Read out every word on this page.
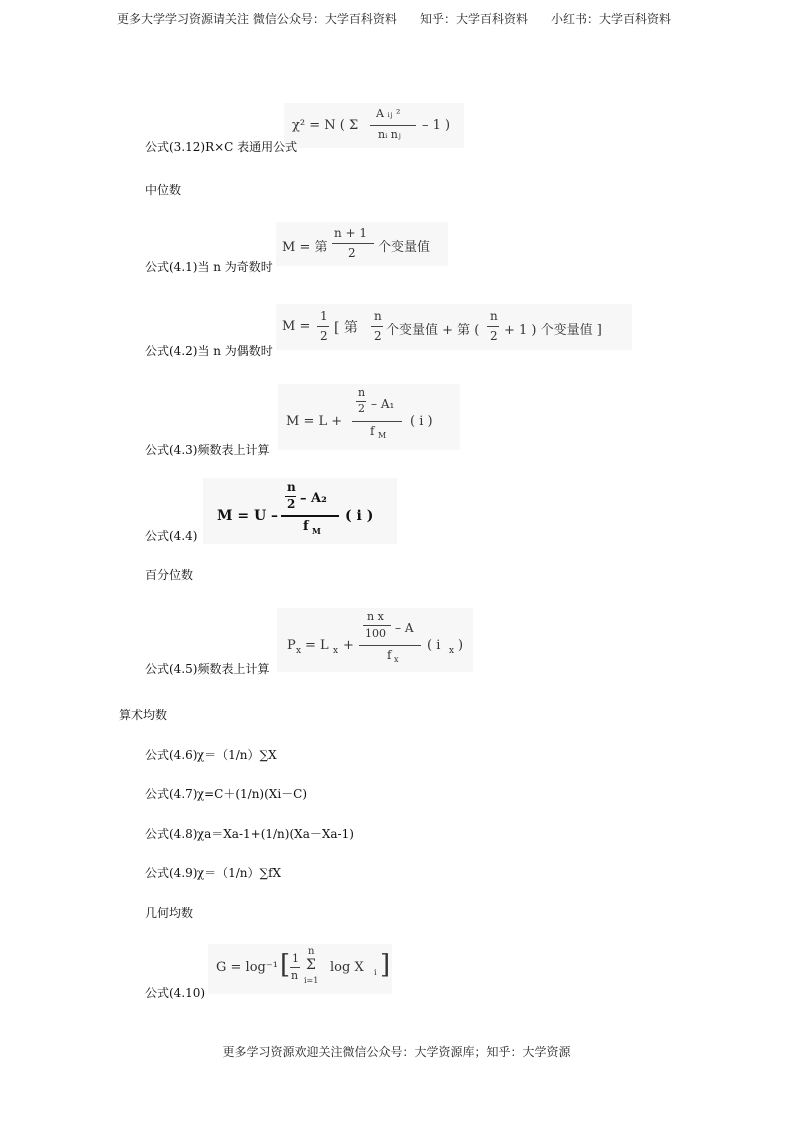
更多大学学习资源请关注 微信公众号：大学百科资料 知乎：大学百科资料 小红书：大学百科资料
χ² = N ( Σ
A ᵢⱼ ²
nᵢ nⱼ
– 1 )
公式(3.12)R×C 表通用公式
中位数
M = 第
n + 1
2 个变量值
公式(4.1)当 n 为奇数时
M =
1
2 [ 第
n
2 个变量值 + 第 (
n
2 + 1 ) 个变量值 ]
公式(4.2)当 n 为偶数时
M = L +
n
2 – A₁
f M
( i )
公式(4.3)频数表上计算
M = U –
n
2 – A₂
f M
( i )
公式(4.4)
百分位数
P x = L x +
n x
100 – A
f x
( i x )
公式(4.5)频数表上计算
算术均数
公式(4.6) χ＝（1/n）∑X
公式(4.7) χ=C＋(1/n)(Xi－C)
公式(4.8) χa＝Xa-1+(1/n)(Xa－Xa-1)
公式(4.9) χ＝（1/n）∑fX
几何均数
G = log⁻¹ [ 1
n
n
Σ
i=1
log X i ]
公式(4.10)
更多学习资源欢迎关注微信公众号：大学资源库；知乎：大学资源
